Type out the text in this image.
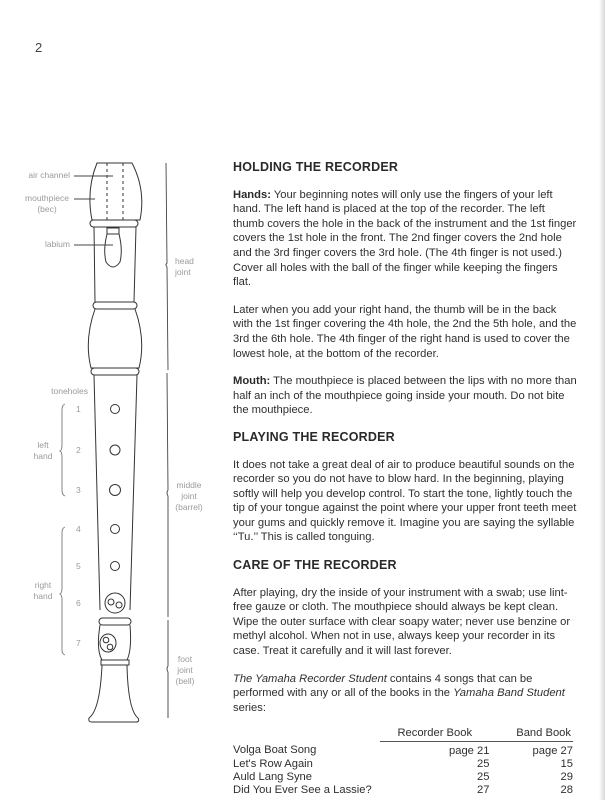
2
air channel
mouthpiece
(bec)
labium
toneholes
left
hand
right
hand
1
2
3
4
5
6
7
head
joint
middle
joint
(barrel)
foot
joint
(bell)
HOLDING THE RECORDER

Hands: Your beginning notes will only use the fingers of your left hand. The left hand is placed at the top of the recorder. The left thumb covers the hole in the back of the instrument and the 1st finger covers the 1st hole in the front. The 2nd finger covers the 2nd hole and the 3rd finger covers the 3rd hole. (The 4th finger is not used.) Cover all holes with the ball of the finger while keeping the fingers flat.

Later when you add your right hand, the thumb will be in the back with the 1st finger covering the 4th hole, the 2nd the 5th hole, and the 3rd the 6th hole. The 4th finger of the right hand is used to cover the lowest hole, at the bottom of the recorder.

Mouth: The mouthpiece is placed between the lips with no more than half an inch of the mouthpiece going inside your mouth. Do not bite the mouthpiece.

PLAYING THE RECORDER

It does not take a great deal of air to produce beautiful sounds on the recorder so you do not have to blow hard. In the beginning, playing softly will help you develop control. To start the tone, lightly touch the tip of your tongue against the point where your upper front teeth meet your gums and quickly remove it. Imagine you are saying the syllable ‘‘Tu.’’ This is called tonguing.

CARE OF THE RECORDER

After playing, dry the inside of your instrument with a swab; use lint-free gauze or cloth. The mouthpiece should always be kept clean. Wipe the outer surface with clear soapy water; never use benzine or methyl alcohol. When not in use, always keep your recorder in its case. Treat it carefully and it will last forever.

The Yamaha Recorder Student contains 4 songs that can be performed with any or all of the books in the Yamaha Band Student series:

	Recorder Book	Band Book
Volga Boat Song	page 21	page 27
Let's Row Again	25	15
Auld Lang Syne	25	29
Did You Ever See a Lassie?	27	28
